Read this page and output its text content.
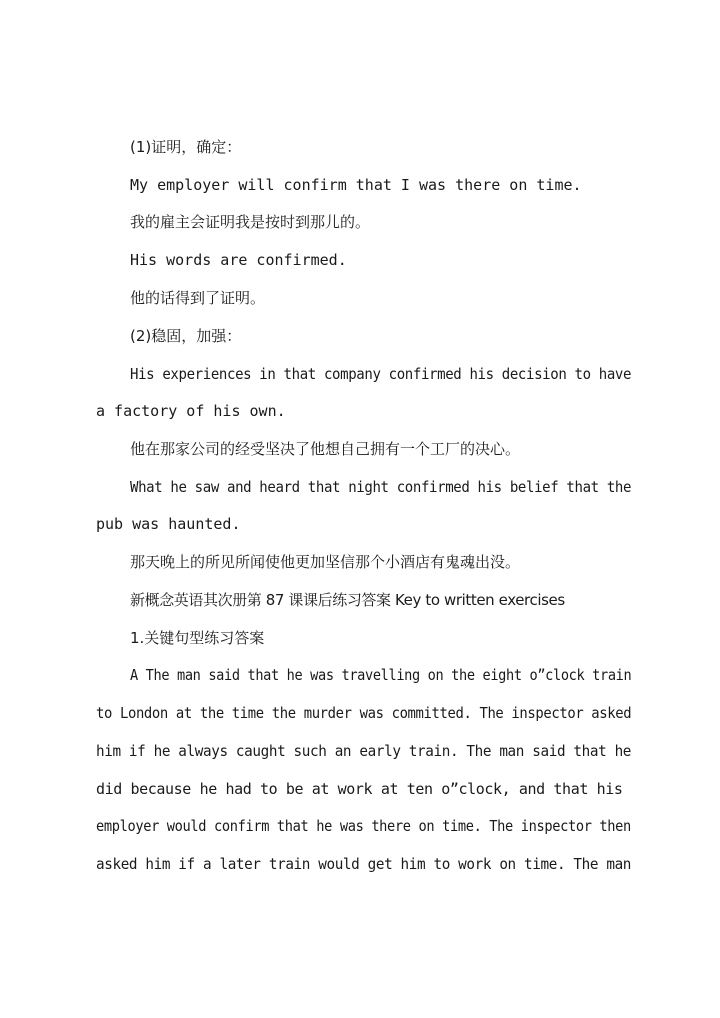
(1)证明，确定：
My employer will confirm that I was there on time.
我的雇主会证明我是按时到那儿的。
His words are confirmed.
他的话得到了证明。
(2)稳固，加强：
His experiences in that company confirmed his decision to have
a factory of his own.
他在那家公司的经受坚决了他想自己拥有一个工厂的决心。
What he saw and heard that night confirmed his belief that the
pub was haunted.
那天晚上的所见所闻使他更加坚信那个小酒店有鬼魂出没。
新概念英语其次册第 87 课课后练习答案 Key to written exercises
1.关键句型练习答案
A The man said that he was travelling on the eight o”clock train
to London at the time the murder was committed. The inspector asked
him if he always caught such an early train. The man said that he
did because he had to be at work at ten o”clock, and that his
employer would confirm that he was there on time. The inspector then
asked him if a later train would get him to work on time. The man
